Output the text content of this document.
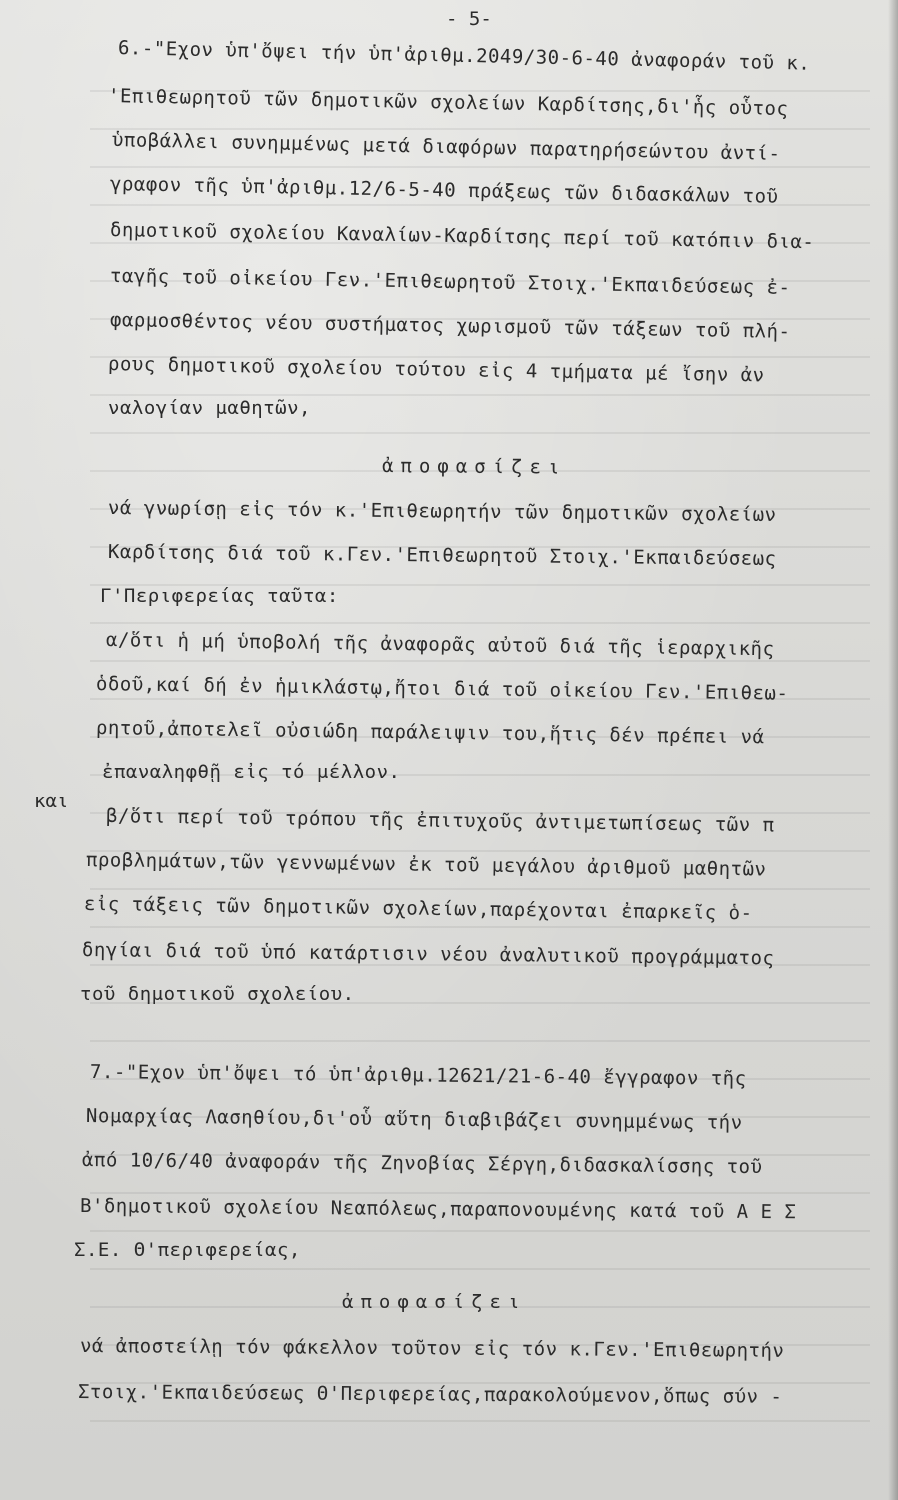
- 5-
και
6.-"Εχον ὑπ'ὄψει τήν ὑπ'ἀριθμ.2049/30-6-40 ἀναφοράν τοῦ κ.
'Επιθεωρητοῦ τῶν δημοτικῶν σχολείων Καρδίτσης,δι'ἧς οὗτος
ὑποβάλλει συνημμένως μετά διαφόρων παρατηρήσεώντου ἀντί-
γραφον τῆς ὑπ'ἀριθμ.12/6-5-40 πράξεως τῶν διδασκάλων τοῦ
δημοτικοῦ σχολείου Καναλίων-Καρδίτσης περί τοῦ κατόπιν δια-
ταγῆς τοῦ οἰκείου Γεν.'Επιθεωρητοῦ Στοιχ.'Εκπαιδεύσεως ἐ-
φαρμοσθέντος νέου συστήματος χωρισμοῦ τῶν τάξεων τοῦ πλή-
ρους δημοτικοῦ σχολείου τούτου εἰς 4 τμήματα μέ ἴσην ἀν
ναλογίαν μαθητῶν,
ἀποφασίζει
νά γνωρίσῃ εἰς τόν κ.'Επιθεωρητήν τῶν δημοτικῶν σχολείων
Καρδίτσης διά τοῦ κ.Γεν.'Επιθεωρητοῦ Στοιχ.'Εκπαιδεύσεως
Γ'Περιφερείας ταῦτα:
α/ὅτι ἡ μή ὑποβολή τῆς ἀναφορᾶς αὐτοῦ διά τῆς ἱεραρχικῆς
ὁδοῦ,καί δή ἐν ἡμικλάστῳ,ἤτοι διά τοῦ οἰκείου Γεν.'Επιθεω-
ρητοῦ,ἀποτελεῖ οὐσιώδη παράλειψιν του,ἥτις δέν πρέπει νά
ἐπαναληφθῇ εἰς τό μέλλον.
β/ὅτι περί τοῦ τρόπου τῆς ἐπιτυχοῦς ἀντιμετωπίσεως τῶν π
προβλημάτων,τῶν γεννωμένων ἐκ τοῦ μεγάλου ἀριθμοῦ μαθητῶν
εἰς τάξεις τῶν δημοτικῶν σχολείων,παρέχονται ἐπαρκεῖς ὁ-
δηγίαι διά τοῦ ὑπό κατάρτισιν νέου ἀναλυτικοῦ προγράμματος
τοῦ δημοτικοῦ σχολείου.
7.-"Εχον ὑπ'ὄψει τό ὑπ'ἀριθμ.12621/21-6-40 ἔγγραφον τῆς
Νομαρχίας Λασηθίου,δι'οὗ αὕτη διαβιβάζει συνημμένως τήν
ἀπό 10/6/40 ἀναφοράν τῆς Ζηνοβίας Σέργη,διδασκαλίσσης τοῦ
Β'δημοτικοῦ σχολείου Νεαπόλεως,παραπονουμένης κατά τοῦ Α Ε Σ
Σ.Ε. Θ'περιφερείας,
ἀποφασίζει
νά ἀποστείλῃ τόν φάκελλον τοῦτον εἰς τόν κ.Γεν.'Επιθεωρητήν
Στοιχ.'Εκπαιδεύσεως Θ'Περιφερείας,παρακολούμενον,ὅπως σύν -
